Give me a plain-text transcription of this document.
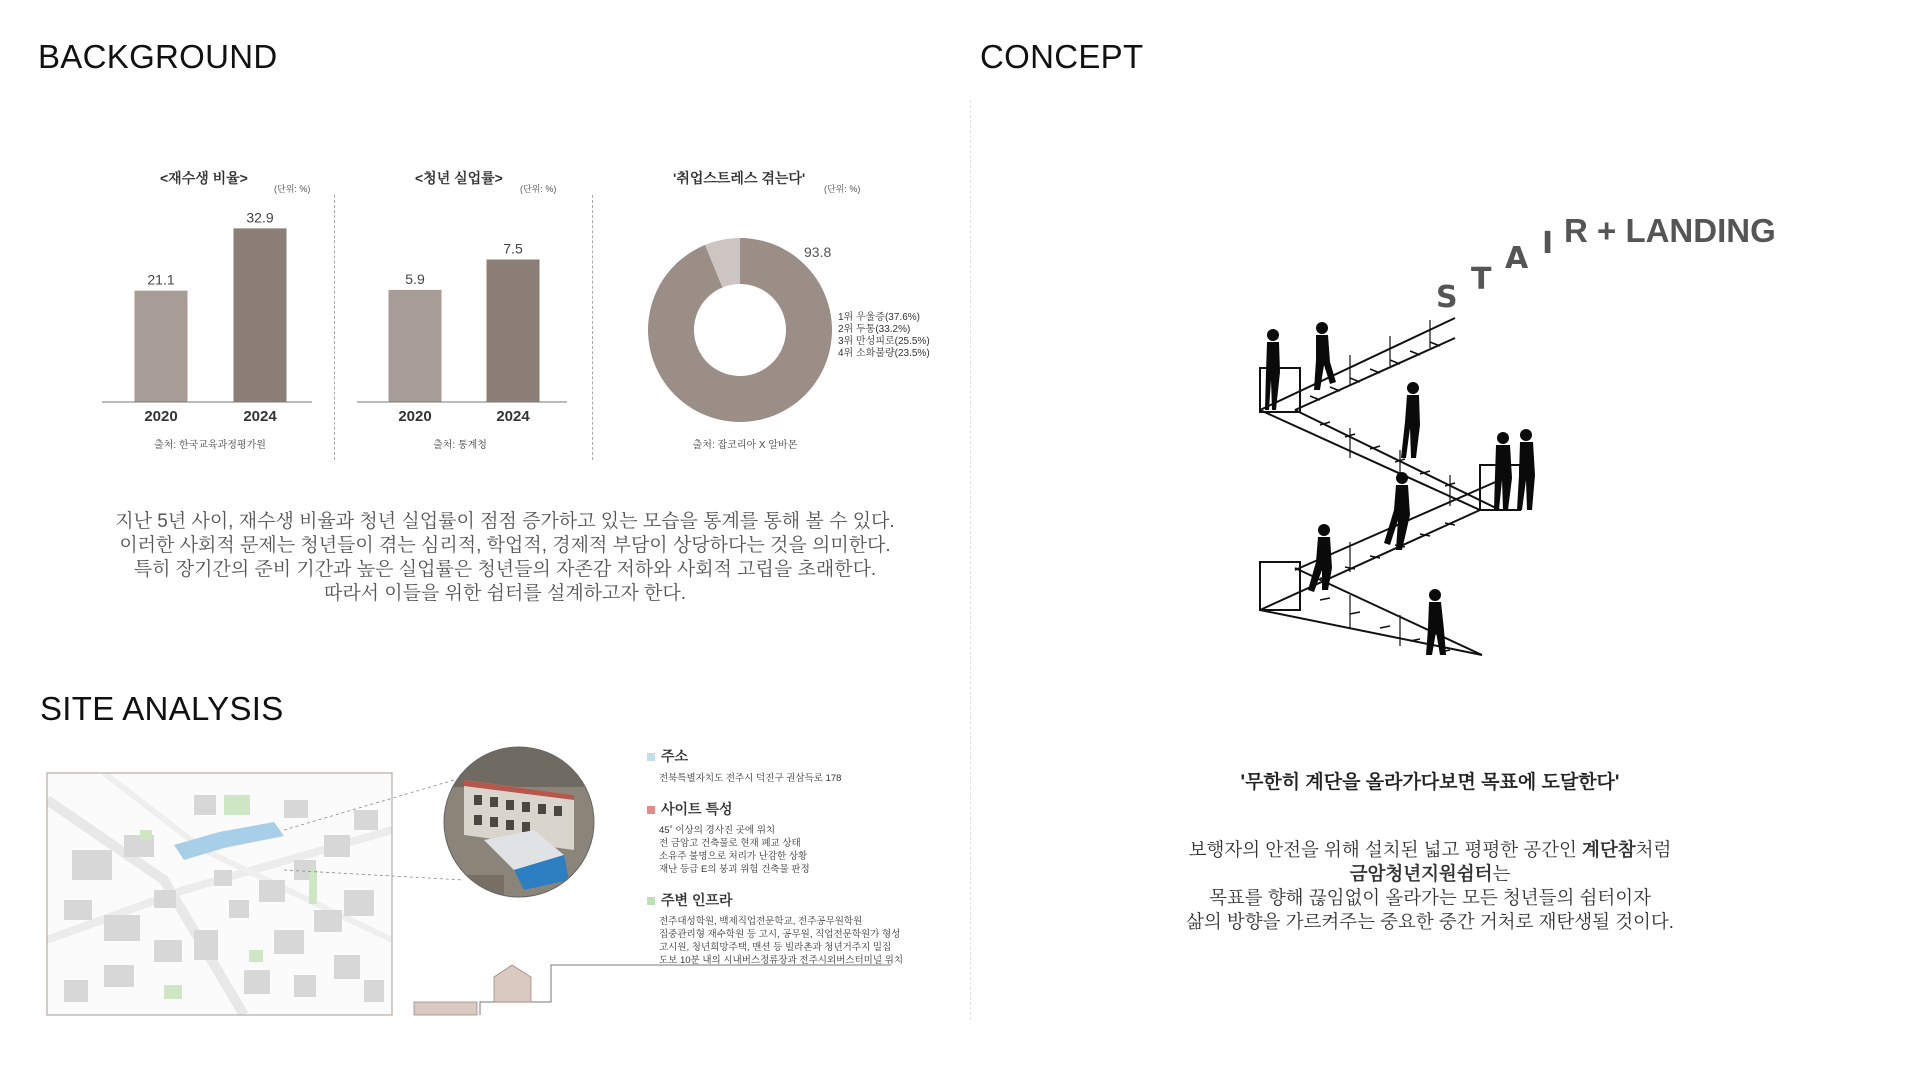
BACKGROUND
<재수생 비율>
(단위: %)
21.1
32.9
2020	2024
출처: 한국교육과정평가원
<청년 실업률>
(단위: %)
5.9
7.5
2020	2024
출처: 통계청
'취업스트레스 겪는다'
(단위: %)
93.8
1위 우울증(37.6%)
2위 두통(33.2%)
3위 만성피로(25.5%)
4위 소화불량(23.5%)
출처: 잡코리아 X 알바몬
지난 5년 사이, 재수생 비율과 청년 실업률이 점점 증가하고 있는 모습을 통계를 통해 볼 수 있다.
이러한 사회적 문제는 청년들이 겪는 심리적, 학업적, 경제적 부담이 상당하다는 것을 의미한다.
특히 장기간의 준비 기간과 높은 실업률은 청년들의 자존감 저하와 사회적 고립을 초래한다.
따라서 이들을 위한 쉼터를 설계하고자 한다.
SITE ANALYSIS
주소
전북특별자치도 전주시 덕진구 권삼득로 178
사이트 특성
45˚ 이상의 경사진 곳에 위치
전 금암고 건축물로 현재 폐교 상태
소유주 불명으로 처리가 난감한 상황
재난 등급 E의 붕괴 위험 건축물 판정
주변 인프라
전주대성학원, 백제직업전문학교, 전주공무원학원
집중관리형 재수학원 등 고시, 공무원, 직업전문학원가 형성
고시원, 청년희망주택, 맨션 등 빌라촌과 청년거주지 밀집
도보 10분 내의 시내버스정류장과 전주시외버스터미널 위치
CONCEPT
S
T
A I R + LANDING
'무한히 계단을 올라가다보면 목표에 도달한다'
보행자의 안전을 위해 설치된 넓고 평평한 공간인 계단참처럼
금암청년지원쉼터는
목표를 향해 끊임없이 올라가는 모든 청년들의 쉼터이자
삶의 방향을 가르켜주는 중요한 중간 거처로 재탄생될 것이다.
